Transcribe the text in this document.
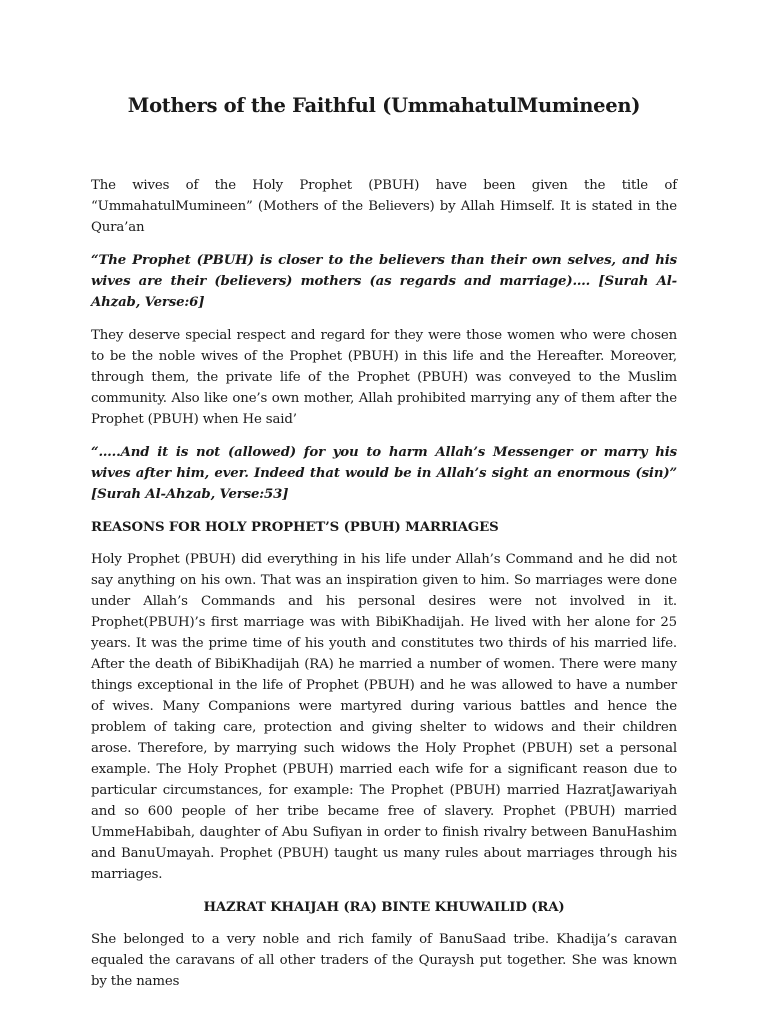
Mothers of the Faithful (UmmahatulMumineen)

The wives of the Holy Prophet (PBUH) have been given the title of “UmmahatulMumineen” (Mothers of the Believers) by Allah Himself. It is stated in the Qura’an

“The Prophet (PBUH) is closer to the believers than their own selves, and his wives are their (believers) mothers (as regards and marriage)…. [Surah Al-Ahzab, Verse:6]

They deserve special respect and regard for they were those women who were chosen to be the noble wives of the Prophet (PBUH) in this life and the Hereafter. Moreover, through them, the private life of the Prophet (PBUH) was conveyed to the Muslim community. Also like one’s own mother, Allah prohibited marrying any of them after the Prophet (PBUH) when He said’

“…..And it is not (allowed) for you to harm Allah’s Messenger or marry his wives after him, ever. Indeed that would be in Allah’s sight an enormous (sin)” [Surah Al-Ahzab, Verse:53]

REASONS FOR HOLY PROPHET’S (PBUH) MARRIAGES

Holy Prophet (PBUH) did everything in his life under Allah’s Command and he did not say anything on his own. That was an inspiration given to him. So marriages were done under Allah’s Commands and his personal desires were not involved in it. Prophet(PBUH)’s first marriage was with BibiKhadijah. He lived with her alone for 25 years. It was the prime time of his youth and constitutes two thirds of his married life. After the death of BibiKhadijah (RA) he married a number of women. There were many things exceptional in the life of Prophet (PBUH) and he was allowed to have a number of wives. Many Companions were martyred during various battles and hence the problem of taking care, protection and giving shelter to widows and their children arose. Therefore, by marrying such widows the Holy Prophet (PBUH) set a personal example. The Holy Prophet (PBUH) married each wife for a significant reason due to particular circumstances, for example: The Prophet (PBUH) married HazratJawariyah and so 600 people of her tribe became free of slavery. Prophet (PBUH) married UmmeHabibah, daughter of Abu Sufiyan in order to finish rivalry between BanuHashim and BanuUmayah. Prophet (PBUH) taught us many rules about marriages through his marriages.

HAZRAT KHAIJAH (RA) BINTE KHUWAILID (RA)

She belonged to a very noble and rich family of BanuSaad tribe. Khadija’s caravan equaled the caravans of all other traders of the Quraysh put together. She was known by the names
